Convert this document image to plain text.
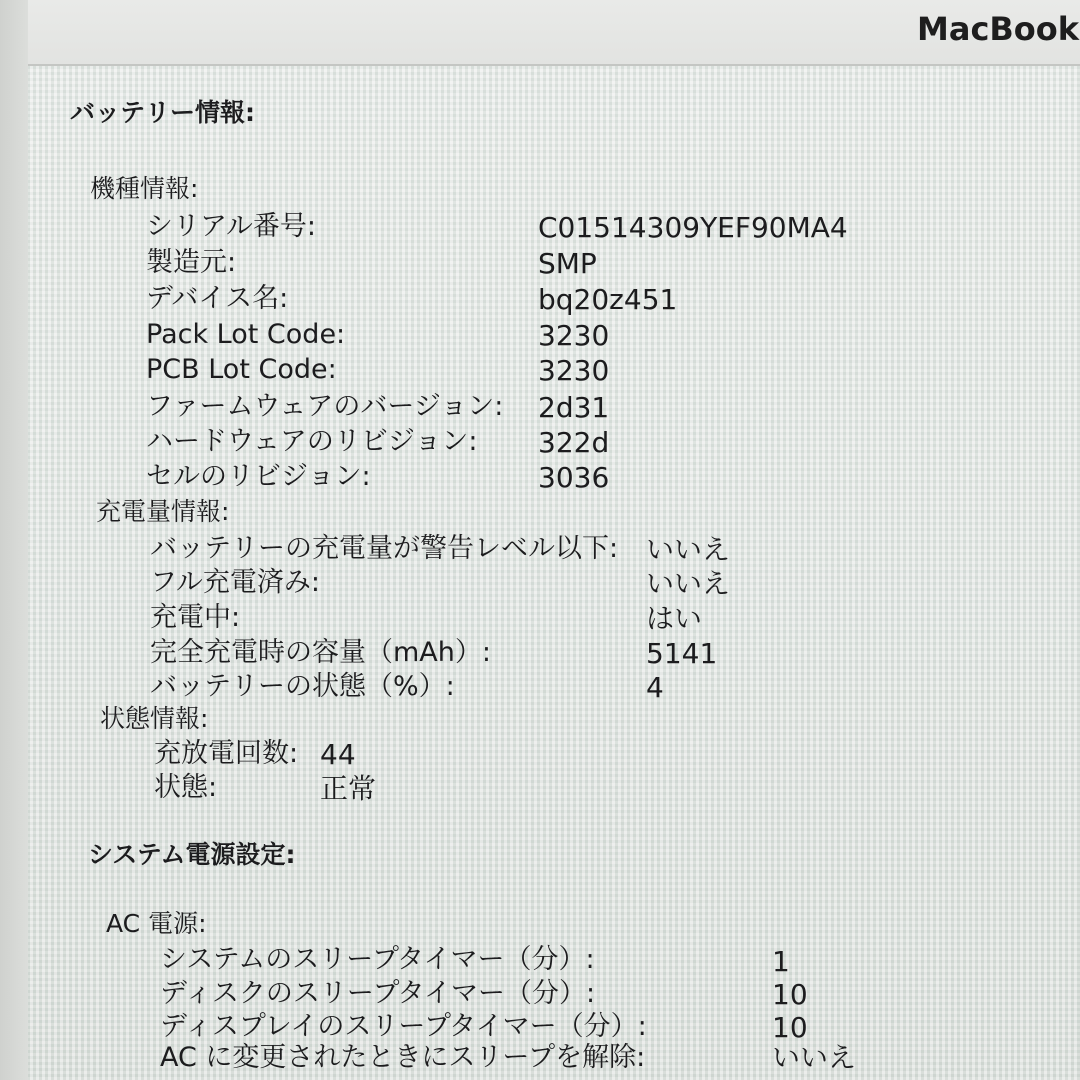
MacBook
バッテリー情報:
機種情報:
シリアル番号:	C01514309YEF90MA4
製造元:	SMP
デバイス名:	bq20z451
Pack Lot Code:	3230
PCB Lot Code:	3230
ファームウェアのバージョン: 2d31
ハードウェアのリビジョン: 322d
セルのリビジョン:	3036
充電量情報:
バッテリーの充電量が警告レベル以下: いいえ
フル充電済み:	いいえ
充電中:	はい
完全充電時の容量（mAh）:	5141
バッテリーの状態（%）:	4
状態情報:
充放電回数: 44
状態:	正常
システム電源設定:
AC 電源:
システムのスリープタイマー（分）:	1
ディスクのスリープタイマー（分）:	10
ディスプレイのスリープタイマー（分）:	10
AC に変更されたときにスリープを解除:	いいえ
